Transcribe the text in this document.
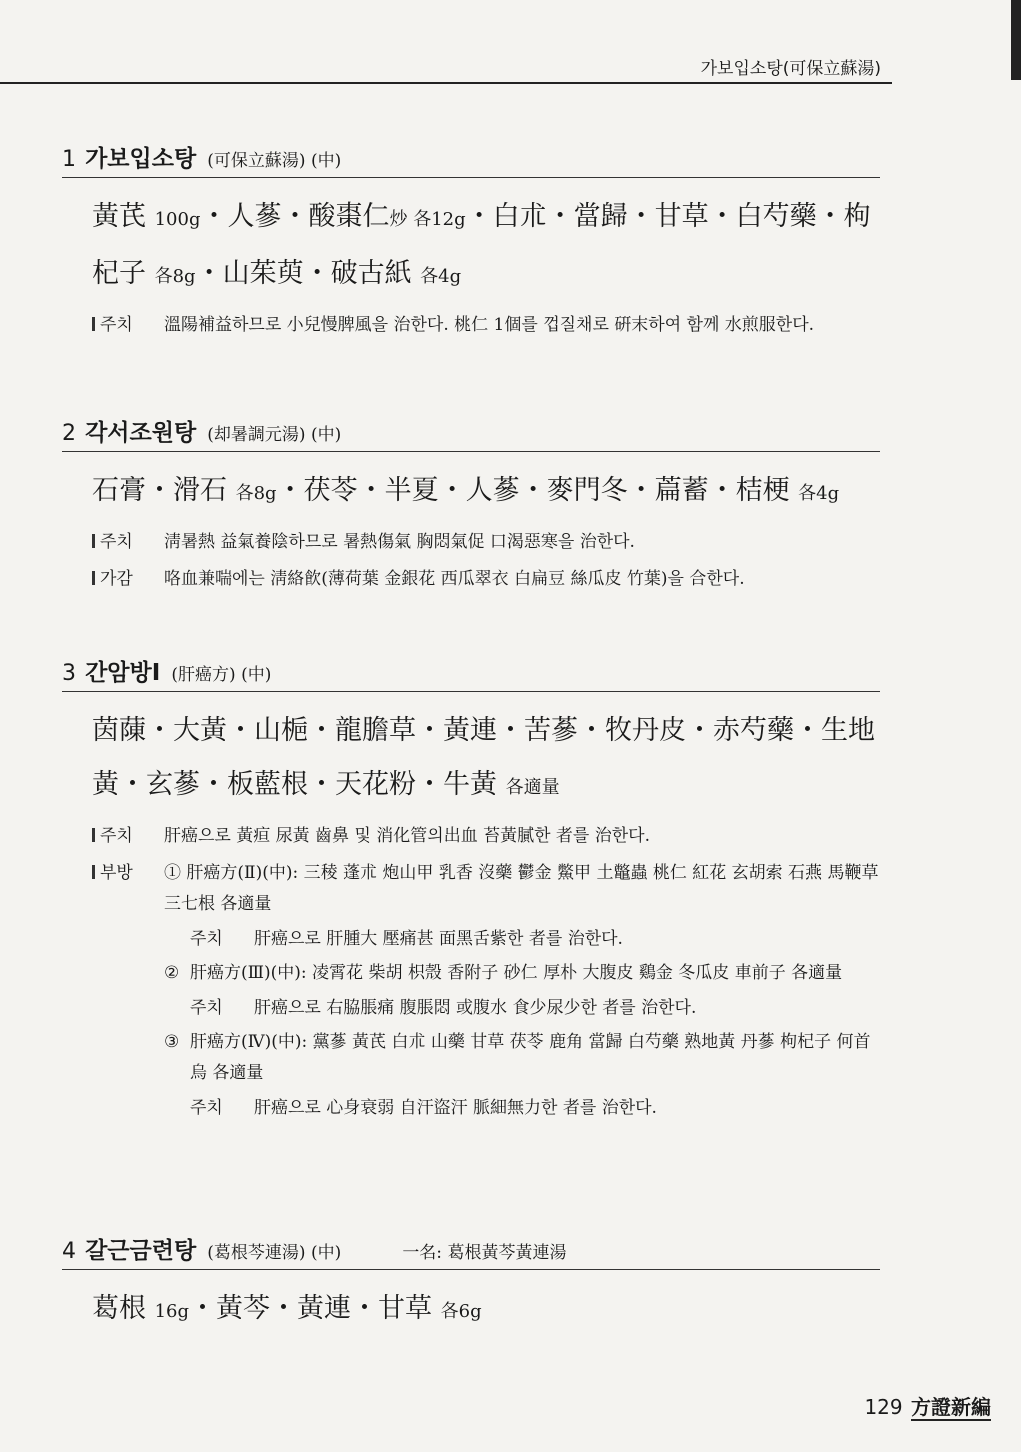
가보입소탕(可保立蘇湯)
1 가보입소탕 (可保立蘇湯) (中)
黃芪 100g・人蔘・酸棗仁炒 各12g・白朮・當歸・甘草・白芍藥・枸杞子 各8g・山茱萸・破古紙 各4g
주치	溫陽補益하므로 小兒慢脾風을 治한다. 桃仁 1個를 껍질채로 硏末하여 함께 水煎服한다.
2 각서조원탕 (却暑調元湯) (中)
石膏・滑石 各8g・茯苓・半夏・人蔘・麥門冬・萹蓄・桔梗 各4g
주치	淸暑熱 益氣養陰하므로 暑熱傷氣 胸悶氣促 口渴惡寒을 治한다.
가감	咯血兼喘에는 淸絡飮(薄荷葉 金銀花 西瓜翠衣 白扁豆 絲瓜皮 竹葉)을 合한다.
3 간암방Ⅰ (肝癌方) (中)
茵蔯・大黃・山梔・龍膽草・黃連・苦蔘・牧丹皮・赤芍藥・生地黃・玄蔘・板藍根・天花粉・牛黃 各適量
주치	肝癌으로 黃疸 尿黃 齒鼻 및 消化管의出血 苔黃膩한 者를 治한다.
부방	① 肝癌方(Ⅱ)(中): 三稜 蓬朮 炮山甲 乳香 沒藥 鬱金 鱉甲 土鼈蟲 桃仁 紅花 玄胡索 石燕 馬鞭草 三七根 各適量
주치	肝癌으로 肝腫大 壓痛甚 面黑舌紫한 者를 治한다.
② 肝癌方(Ⅲ)(中): 凌霄花 柴胡 枳殼 香附子 砂仁 厚朴 大腹皮 鷄金 冬瓜皮 車前子 各適量
주치	肝癌으로 右脇脹痛 腹脹悶 或腹水 食少尿少한 者를 治한다.
③ 肝癌方(Ⅳ)(中): 黨蔘 黃芪 白朮 山藥 甘草 茯苓 鹿角 當歸 白芍藥 熟地黃 丹蔘 枸杞子 何首烏 各適量
주치	肝癌으로 心身衰弱 自汗盜汗 脈細無力한 者를 治한다.
4 갈근금련탕 (葛根芩連湯) (中)	一名: 葛根黃芩黃連湯
葛根 16g・黃芩・黃連・甘草 各6g
129 方證新編
